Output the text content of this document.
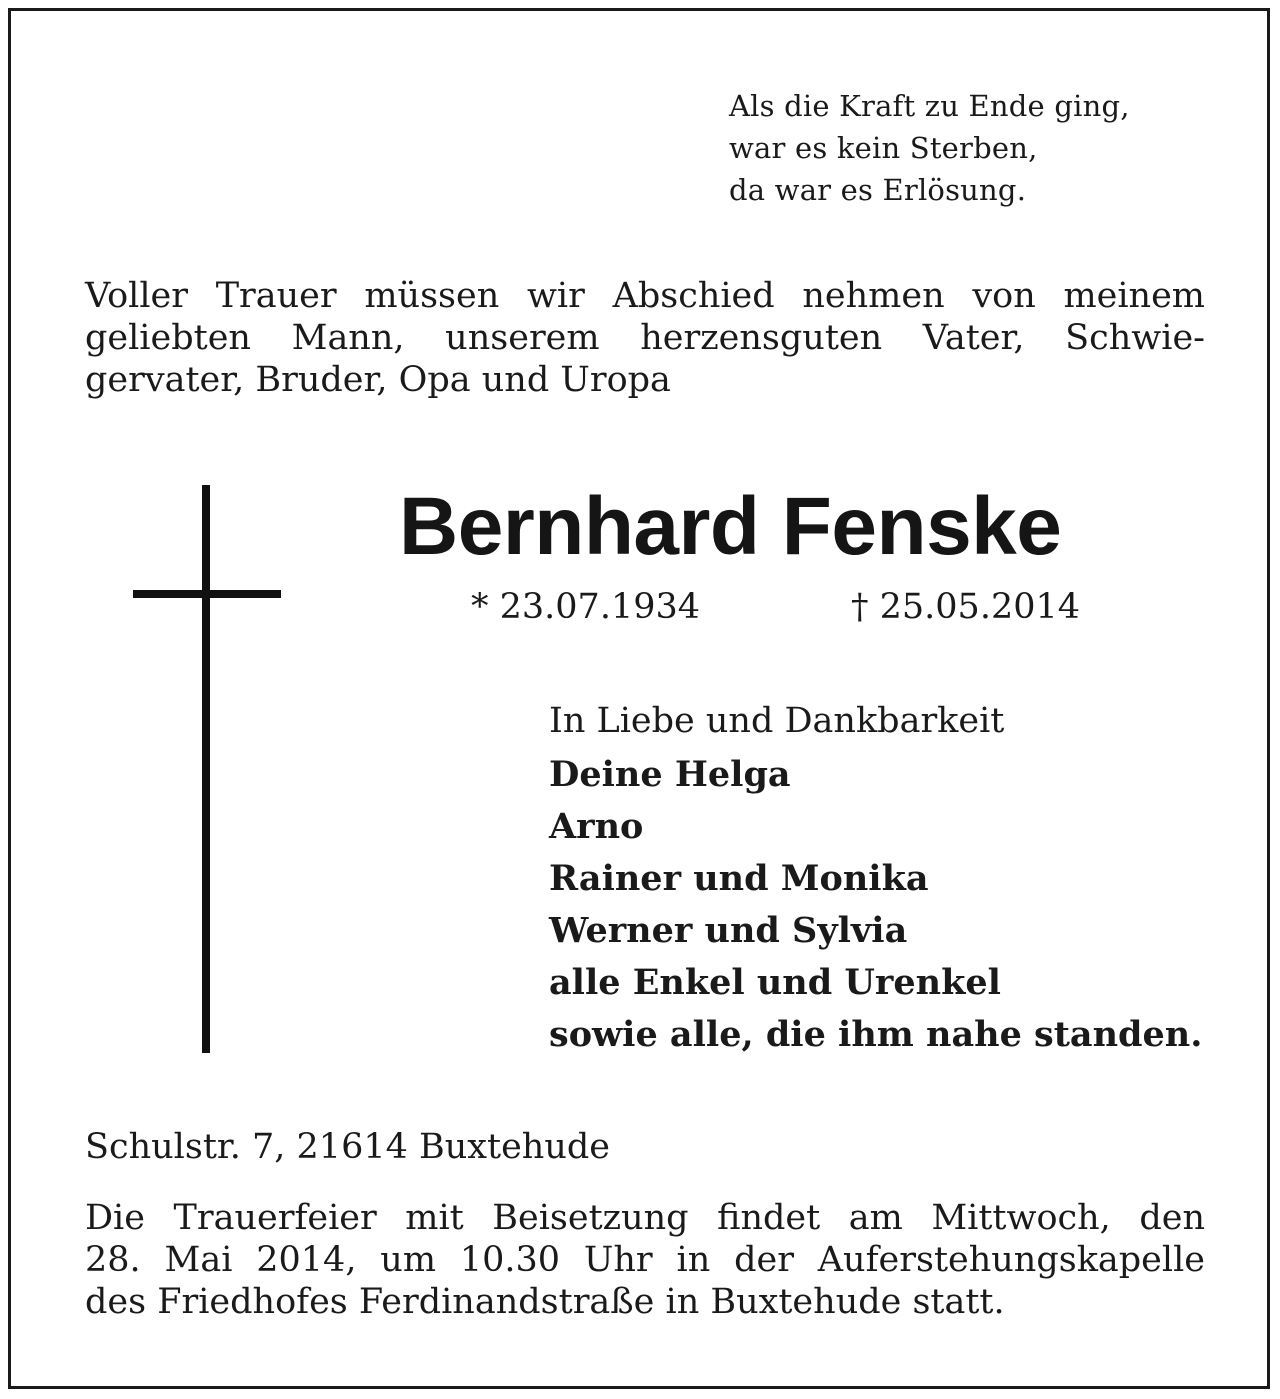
Als die Kraft zu Ende ging,
war es kein Sterben,
da war es Erlösung.
Voller Trauer müssen wir Abschied nehmen von meinem
geliebten Mann, unserem herzensguten Vater, Schwie-
gervater, Bruder, Opa und Uropa
Bernhard Fenske
* 23.07.1934	† 25.05.2014
In Liebe und Dankbarkeit
Deine Helga
Arno
Rainer und Monika
Werner und Sylvia
alle Enkel und Urenkel
sowie alle, die ihm nahe standen.
Schulstr. 7, 21614 Buxtehude
Die Trauerfeier mit Beisetzung findet am Mittwoch, den
28. Mai 2014, um 10.30 Uhr in der Auferstehungskapelle
des Friedhofes Ferdinandstraße in Buxtehude statt.
